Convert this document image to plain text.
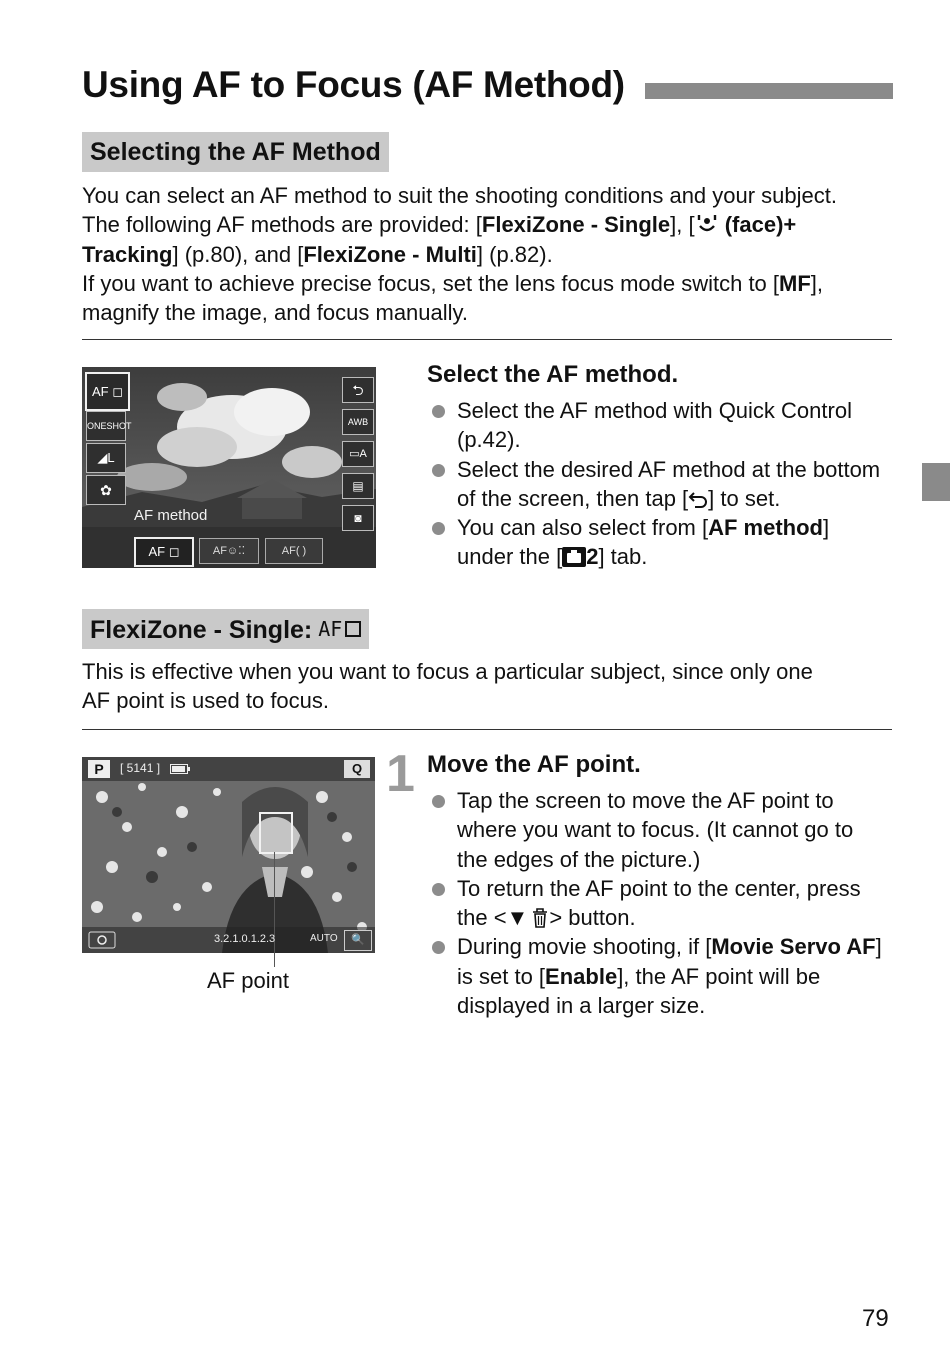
Using AF to Focus (AF Method)
Selecting the AF Method
You can select an AF method to suit the shooting conditions and your subject.
The following AF methods are provided: [FlexiZone - Single], [ (face)+
Tracking] (p.80), and [FlexiZone - Multi] (p.82).
If you want to achieve precise focus, set the lens focus mode switch to [MF],
magnify the image, and focus manually.
AF ◻
ONESHOT
◢L
✿
⮌
AWB
▭A
▤
◙
AF method
AF ◻	AF☺⁚⁚	AF( )
Select the AF method.
Select the AF method with Quick Control (p.42).
Select the desired AF method at the bottom of the screen, then tap [ ] to set.
You can also select from [AF method] under the [ 2] tab.
FlexiZone - Single: AF
This is effective when you want to focus a particular subject, since only one
AF point is used to focus.
P	[ 5141 ]	Q
3.2.1.0.1.2.3	AUTO	🔍
AF point
1 Move the AF point.
Tap the screen to move the AF point to where you want to focus. (It cannot go to the edges of the picture.)
To return the AF point to the center, press the <▼ > button.
During movie shooting, if [Movie Servo AF] is set to [Enable], the AF point will be displayed in a larger size.
79
